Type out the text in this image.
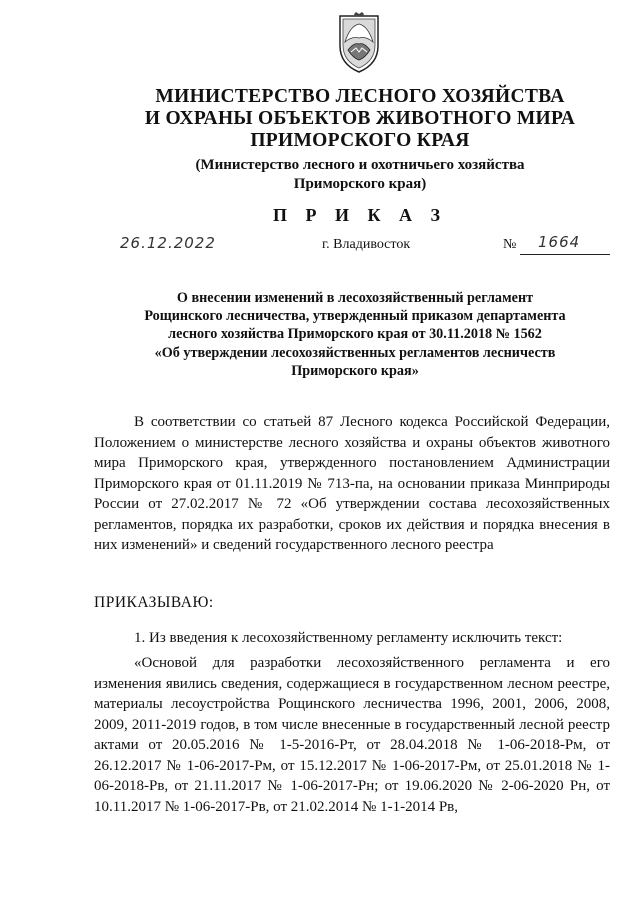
МИНИСТЕРСТВО ЛЕСНОГО ХОЗЯЙСТВА
И ОХРАНЫ ОБЪЕКТОВ ЖИВОТНОГО МИРА
ПРИМОРСКОГО КРАЯ
(Министерство лесного и охотничьего хозяйства
Приморского края)
П Р И К А З
26.12.2022	г. Владивосток	№ 1664
О внесении изменений в лесохозяйственный регламент
Рощинского лесничества, утвержденный приказом департамента
лесного хозяйства Приморского края от 30.11.2018 № 1562
«Об утверждении лесохозяйственных регламентов лесничеств
Приморского края»

В соответствии со статьей 87 Лесного кодекса Российской Федерации, Положением о министерстве лесного хозяйства и охраны объектов животного мира Приморского края, утвержденного постановлением Администрации Приморского края от 01.11.2019 № 713-па, на основании приказа Минприроды России от 27.02.2017 № 72 «Об утверждении состава лесохозяйственных регламентов, порядка их разработки, сроков их действия и порядка внесения в них изменений» и сведений государственного лесного реестра

ПРИКАЗЫВАЮ:
1. Из введения к лесохозяйственному регламенту исключить текст:

«Основой для разработки лесохозяйственного регламента и его изменения явились сведения, содержащиеся в государственном лесном реестре, материалы лесоустройства Рощинского лесничества 1996, 2001, 2006, 2008, 2009, 2011-2019 годов, в том числе внесенные в государственный лесной реестр актами от 20.05.2016 № 1-5-2016-Рт, от 28.04.2018 № 1-06-2018-Рм, от 26.12.2017 № 1-06-2017-Рм, от 15.12.2017 № 1-06-2017-Рм, от 25.01.2018 № 1-06-2018-Рв, от 21.11.2017 № 1-06-2017-Рн; от 19.06.2020 № 2-06-2020 Рн, от 10.11.2017 № 1-06-2017-Рв, от 21.02.2014 № 1-1-2014 Рв,
